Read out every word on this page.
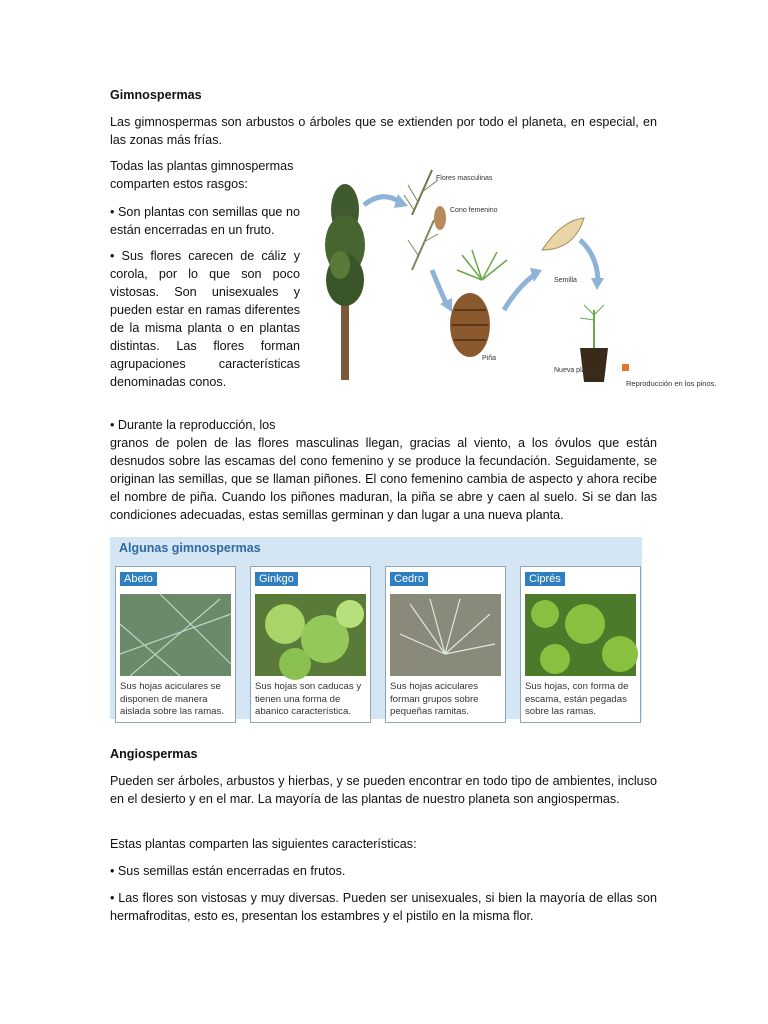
Gimnospermas
Las gimnospermas son arbustos o árboles que se extienden por todo el planeta, en especial, en las zonas más frías.
Todas las plantas gimnospermas comparten estos rasgos:
• Son plantas con semillas que no están encerradas en un fruto.
• Sus flores carecen de cáliz y corola, por lo que son poco vistosas. Son unisexuales y pueden estar en ramas diferentes de la misma planta o en plantas distintas. Las flores forman agrupaciones características denominadas conos.
• Durante la reproducción, los
granos de polen de las flores masculinas llegan, gracias al viento, a los óvulos que están desnudos sobre las escamas del cono femenino y se produce la fecundación. Seguidamente, se originan las semillas, que se llaman piñones. El cono femenino cambia de aspecto y ahora recibe el nombre de piña. Cuando los piñones maduran, la piña se abre y caen al suelo. Si se dan las condiciones adecuadas, estas semillas germinan y dan lugar a una nueva planta.
Flores masculinas
Cono femenino
Piña
Semilla
Nueva planta
Reproducción en los pinos.
Algunas gimnospermas
Abeto
Sus hojas aciculares se disponen de manera aislada sobre las ramas.
Ginkgo
Sus hojas son caducas y tienen una forma de abanico característica.
Cedro
Sus hojas aciculares forman grupos sobre pequeñas ramitas.
Ciprés
Sus hojas, con forma de escama, están pegadas sobre las ramas.
Angiospermas
Pueden ser árboles, arbustos y hierbas, y se pueden encontrar en todo tipo de ambientes, incluso en el desierto y en el mar. La mayoría de las plantas de nuestro planeta son angiospermas.
Estas plantas comparten las siguientes características:
• Sus semillas están encerradas en frutos.
• Las flores son vistosas y muy diversas. Pueden ser unisexuales, si bien la mayoría de ellas son hermafroditas, esto es, presentan los estambres y el pistilo en la misma flor.
